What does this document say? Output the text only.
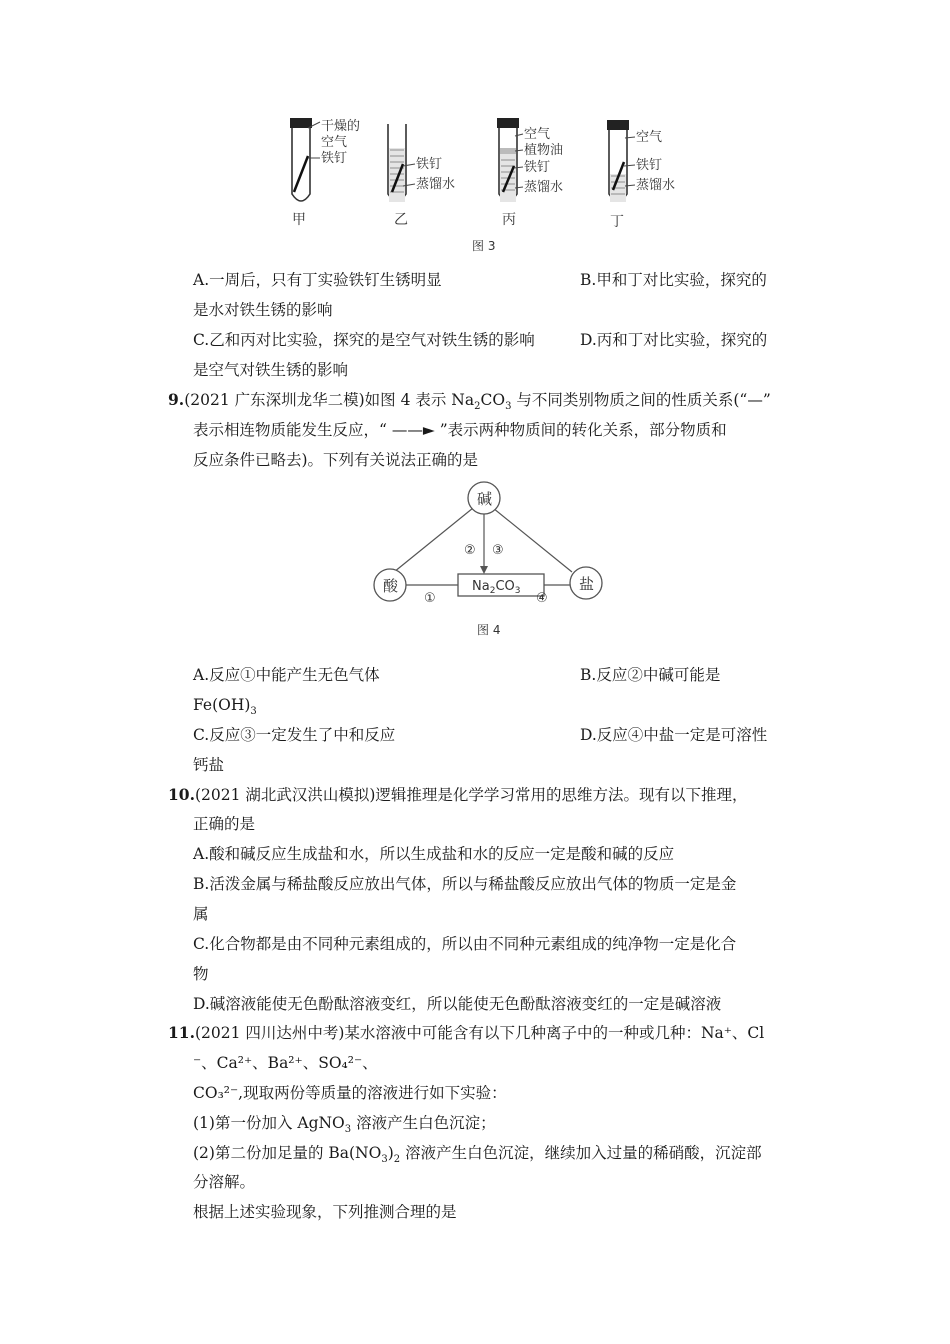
干燥的
空气
铁钉
甲
铁钉
蒸馏水
乙
空气
植物油
铁钉
蒸馏水
丙
空气
铁钉
蒸馏水
丁
图 3
A.一周后，只有丁实验铁钉生锈明显	B.甲和丁对比实验，探究的
是水对铁生锈的影响
C.乙和丙对比实验，探究的是空气对铁生锈的影响	D.丙和丁对比实验，探究的
是空气对铁生锈的影响
9.(2021 广东深圳龙华二模)如图 4 表示 $Na_2CO_3$ 与不同类别物质之间的性质关系(“—”
表示相连物质能发生反应，“ ——► ”表示两种物质间的转化关系，部分物质和
反应条件已略去)。下列有关说法正确的是
碱
酸	盐
$Na_2CO_3$
② ③
①	④
图 4
A.反应①中能产生无色气体	B.反应②中碱可能是
$Fe(OH)_3$
C.反应③一定发生了中和反应	D.反应④中盐一定是可溶性
钙盐
10.(2021 湖北武汉洪山模拟)逻辑推理是化学学习常用的思维方法。现有以下推理，
正确的是
A.酸和碱反应生成盐和水，所以生成盐和水的反应一定是酸和碱的反应
B.活泼金属与稀盐酸反应放出气体，所以与稀盐酸反应放出气体的物质一定是金
属
C.化合物都是由不同种元素组成的，所以由不同种元素组成的纯净物一定是化合
物
D.碱溶液能使无色酚酞溶液变红，所以能使无色酚酞溶液变红的一定是碱溶液
11.(2021 四川达州中考)某水溶液中可能含有以下几种离子中的一种或几种：Na⁺、Cl
⁻、Ca²⁺、Ba²⁺、SO₄²⁻、
CO₃²⁻,现取两份等质量的溶液进行如下实验：
(1)第一份加入 AgNO$_3$ 溶液产生白色沉淀；
(2)第二份加足量的 $Ba(NO_3)_2$ 溶液产生白色沉淀，继续加入过量的稀硝酸，沉淀部
分溶解。
根据上述实验现象，下列推测合理的是
